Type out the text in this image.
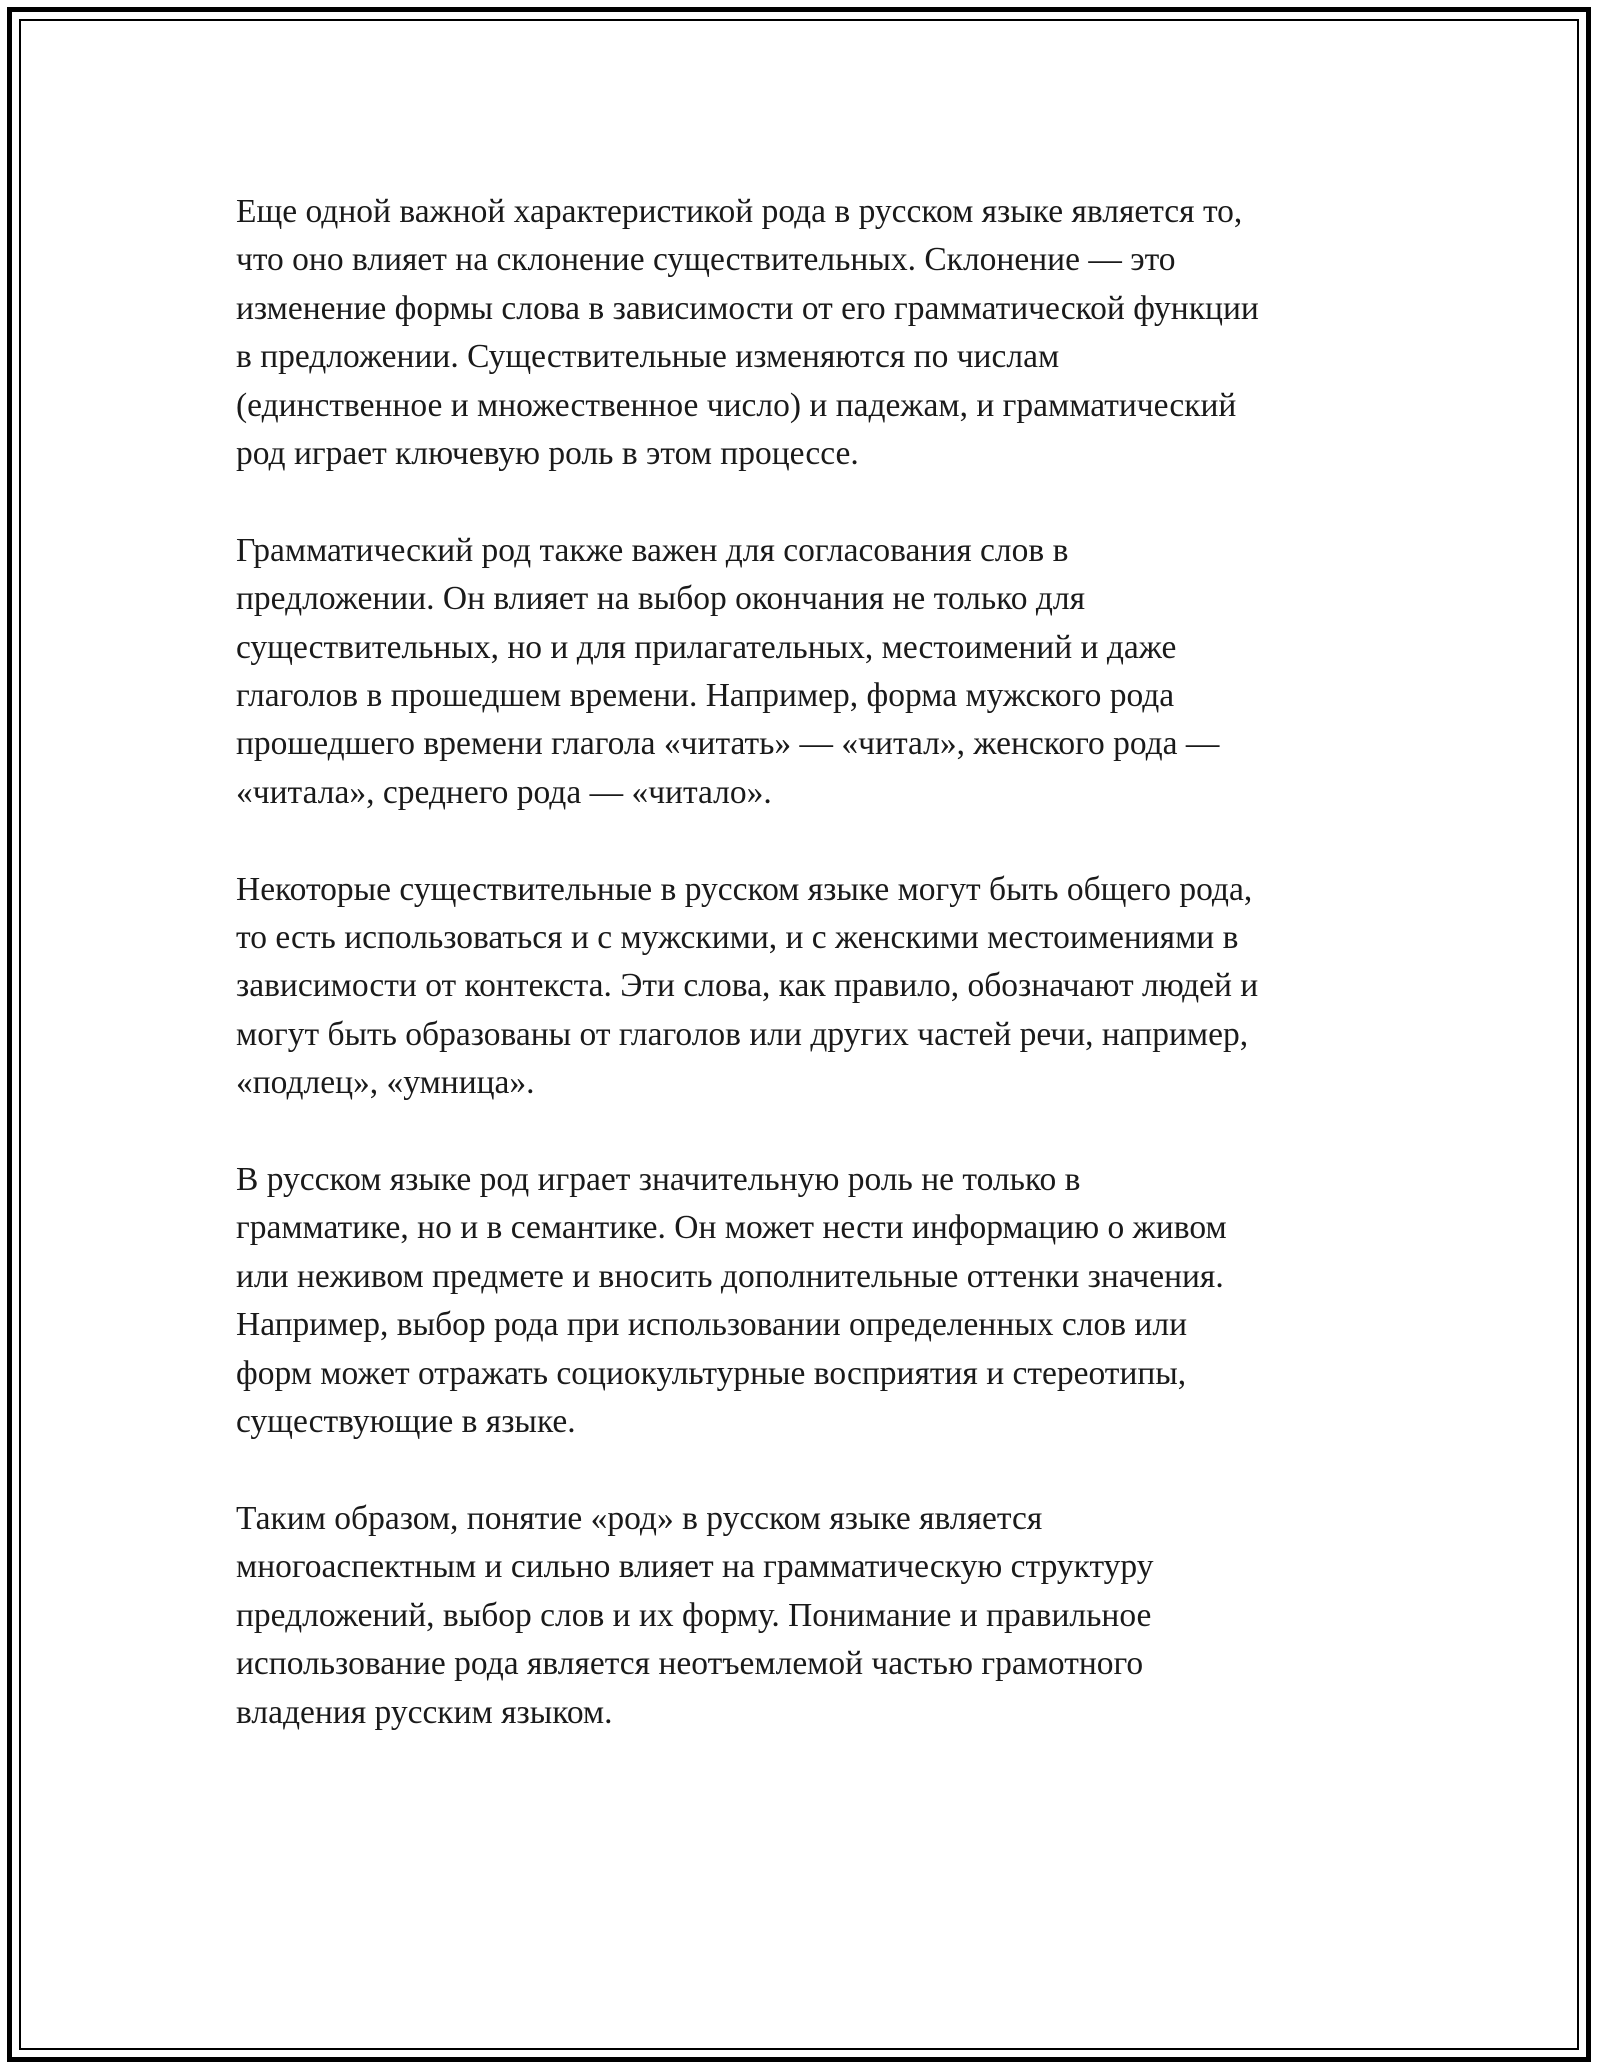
Еще одной важной характеристикой рода в русском языке является то,
что оно влияет на склонение существительных. Склонение — это
изменение формы слова в зависимости от его грамматической функции
в предложении. Существительные изменяются по числам
(единственное и множественное число) и падежам, и грамматический
род играет ключевую роль в этом процессе.

Грамматический род также важен для согласования слов в
предложении. Он влияет на выбор окончания не только для
существительных, но и для прилагательных, местоимений и даже
глаголов в прошедшем времени. Например, форма мужского рода
прошедшего времени глагола «читать» — «читал», женского рода —
«читала», среднего рода — «читало».

Некоторые существительные в русском языке могут быть общего рода,
то есть использоваться и с мужскими, и с женскими местоимениями в
зависимости от контекста. Эти слова, как правило, обозначают людей и
могут быть образованы от глаголов или других частей речи, например,
«подлец», «умница».

В русском языке род играет значительную роль не только в
грамматике, но и в семантике. Он может нести информацию о живом
или неживом предмете и вносить дополнительные оттенки значения.
Например, выбор рода при использовании определенных слов или
форм может отражать социокультурные восприятия и стереотипы,
существующие в языке.

Таким образом, понятие «род» в русском языке является
многоаспектным и сильно влияет на грамматическую структуру
предложений, выбор слов и их форму. Понимание и правильное
использование рода является неотъемлемой частью грамотного
владения русским языком.
